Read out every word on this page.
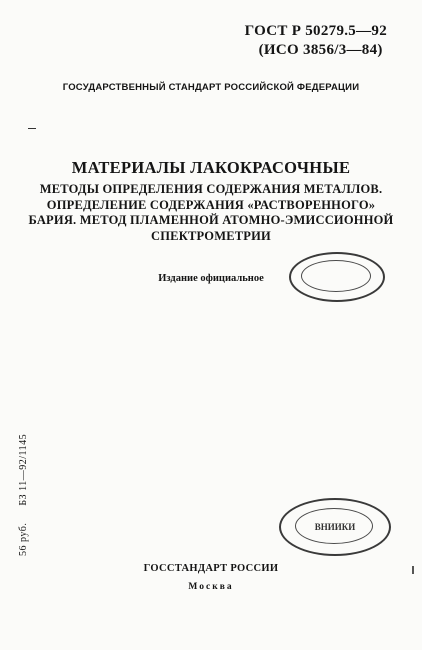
ГОСТ Р 50279.5—92
(ИСО 3856/3—84)
ГОСУДАРСТВЕННЫЙ СТАНДАРТ РОССИЙСКОЙ ФЕДЕРАЦИИ
МАТЕРИАЛЫ ЛАКОКРАСОЧНЫЕ
МЕТОДЫ ОПРЕДЕЛЕНИЯ СОДЕРЖАНИЯ МЕТАЛЛОВ. ОПРЕДЕЛЕНИЕ СОДЕРЖАНИЯ «РАСТВОРЕННОГО» БАРИЯ. МЕТОД ПЛАМЕННОЙ АТОМНО-ЭМИССИОННОЙ СПЕКТРОМЕТРИИ
Издание официальное
ВНИИКИ
56 руб. БЗ 11—92/1145
ГОССТАНДАРТ РОССИИ
Москва
